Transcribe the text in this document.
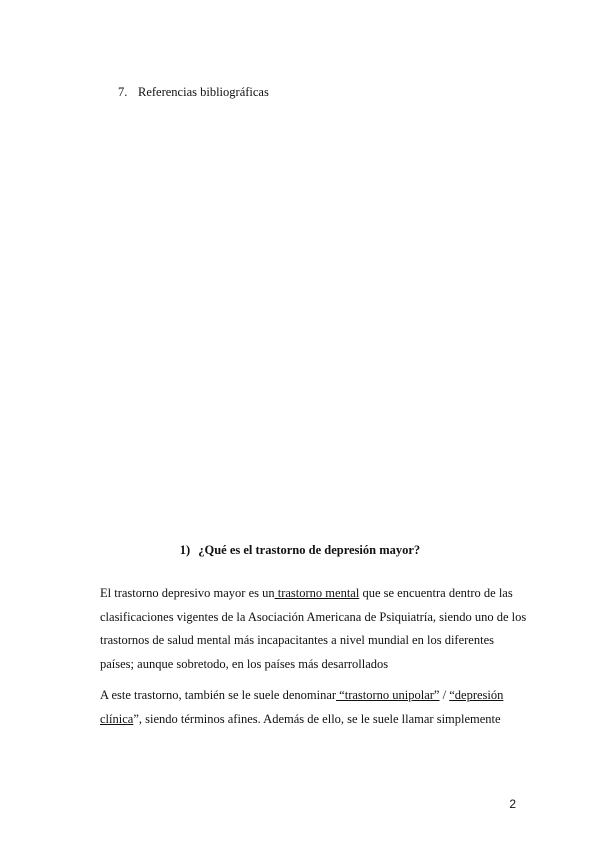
7. Referencias bibliográficas
1) ¿Qué es el trastorno de depresión mayor?

El trastorno depresivo mayor es un trastorno mental que se encuentra dentro de las
clasificaciones vigentes de la Asociación Americana de Psiquiatría, siendo uno de los
trastornos de salud mental más incapacitantes a nivel mundial en los diferentes
países; aunque sobretodo, en los países más desarrollados

A este trastorno, también se le suele denominar “trastorno unipolar” / “depresión
clínica”, siendo términos afines. Además de ello, se le suele llamar simplemente

2
